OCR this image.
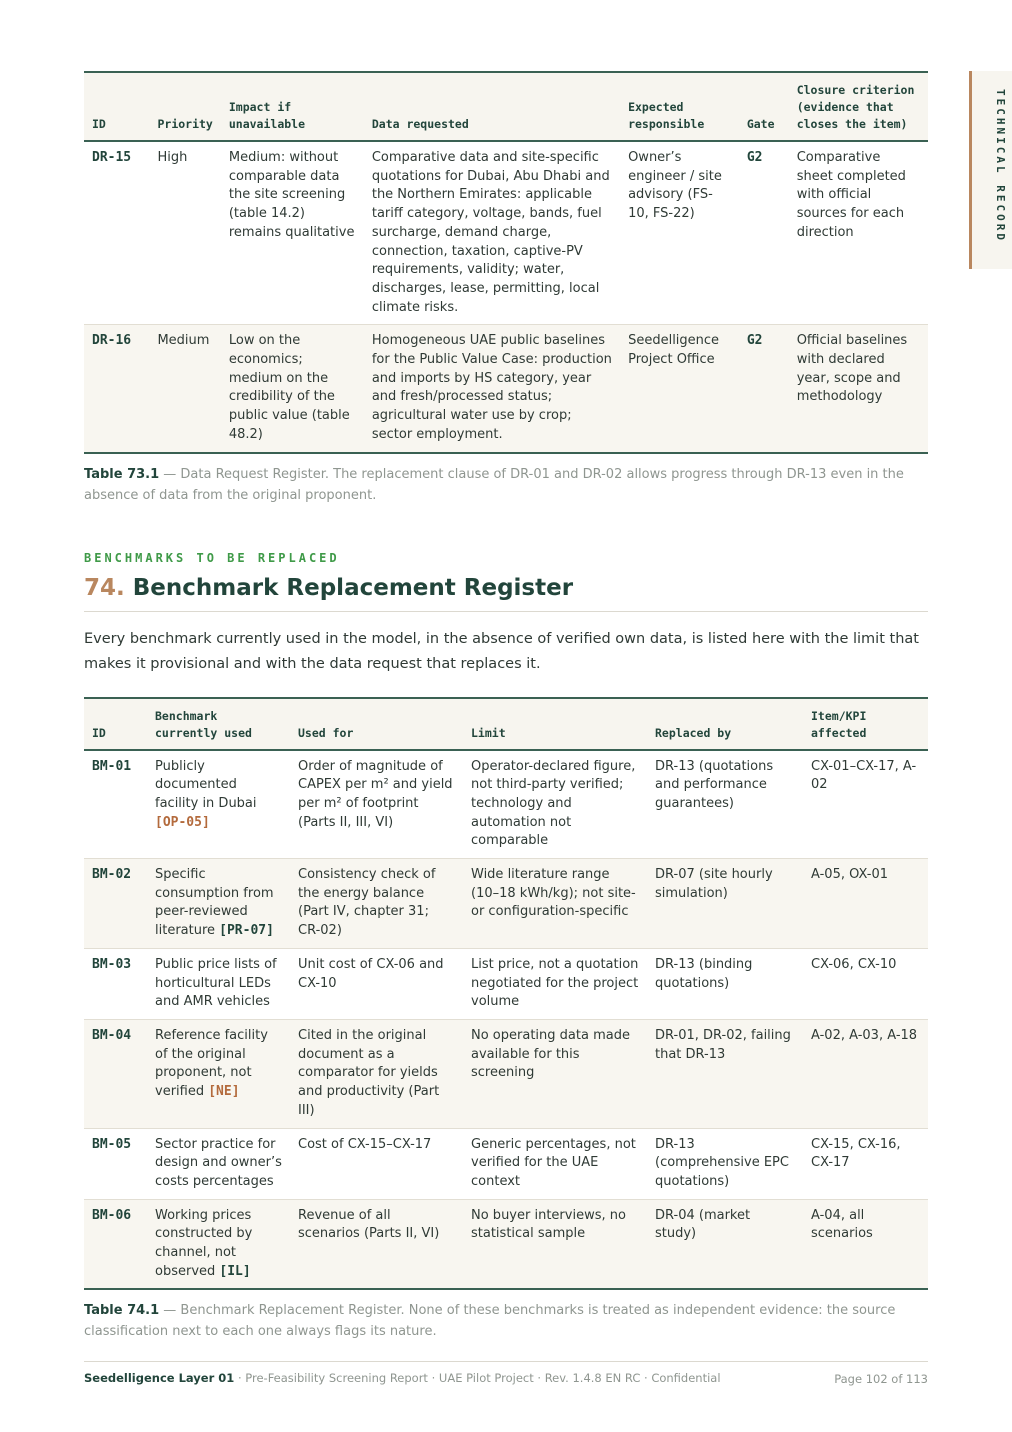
TECHNICAL RECORD
ID	Priority	Impact if unavailable	Data requested	Expected responsible	Gate	Closure criterion (evidence that closes the item)
DR-15	High	Medium: without comparable data the site screening (table 14.2) remains qualitative	Comparative data and site-specific quotations for Dubai, Abu Dhabi and the Northern Emirates: applicable tariff category, voltage, bands, fuel surcharge, demand charge, connection, taxation, captive-PV requirements, validity; water, discharges, lease, permitting, local climate risks.	Owner’s engineer / site advisory (FS-10, FS-22)	G2	Comparative sheet completed with official sources for each direction
DR-16	Medium	Low on the economics; medium on the credibility of the public value (table 48.2)	Homogeneous UAE public baselines for the Public Value Case: production and imports by HS category, year and fresh/processed status; agricultural water use by crop; sector employment.	Seedelligence Project Office	G2	Official baselines with declared year, scope and methodology
Table 73.1 — Data Request Register. The replacement clause of DR-01 and DR-02 allows progress through DR-13 even in the absence of data from the original proponent.
BENCHMARKS TO BE REPLACED
74. Benchmark Replacement Register
Every benchmark currently used in the model, in the absence of verified own data, is listed here with the limit that makes it provisional and with the data request that replaces it.
ID	Benchmark currently used	Used for	Limit	Replaced by	Item/KPI affected
BM-01	Publicly documented facility in Dubai [OP-05]	Order of magnitude of CAPEX per m² and yield per m² of footprint (Parts II, III, VI)	Operator-declared figure, not third-party verified; technology and automation not comparable	DR-13 (quotations and performance guarantees)	CX-01–CX-17, A-02
BM-02	Specific consumption from peer-reviewed literature [PR-07]	Consistency check of the energy balance (Part IV, chapter 31; CR-02)	Wide literature range (10–18 kWh/kg); not site- or configuration-specific	DR-07 (site hourly simulation)	A-05, OX-01
BM-03	Public price lists of horticultural LEDs and AMR vehicles	Unit cost of CX-06 and CX-10	List price, not a quotation negotiated for the project volume	DR-13 (binding quotations)	CX-06, CX-10
BM-04	Reference facility of the original proponent, not verified [NE]	Cited in the original document as a comparator for yields and productivity (Part III)	No operating data made available for this screening	DR-01, DR-02, failing that DR-13	A-02, A-03, A-18
BM-05	Sector practice for design and owner’s costs percentages	Cost of CX-15–CX-17	Generic percentages, not verified for the UAE context	DR-13 (comprehensive EPC quotations)	CX-15, CX-16, CX-17
BM-06	Working prices constructed by channel, not observed [IL]	Revenue of all scenarios (Parts II, VI)	No buyer interviews, no statistical sample	DR-04 (market study)	A-04, all scenarios
Table 74.1 — Benchmark Replacement Register. None of these benchmarks is treated as independent evidence: the source classification next to each one always flags its nature.
Seedelligence Layer 01 · Pre-Feasibility Screening Report · UAE Pilot Project · Rev. 1.4.8 EN RC · Confidential	Page 102 of 113
